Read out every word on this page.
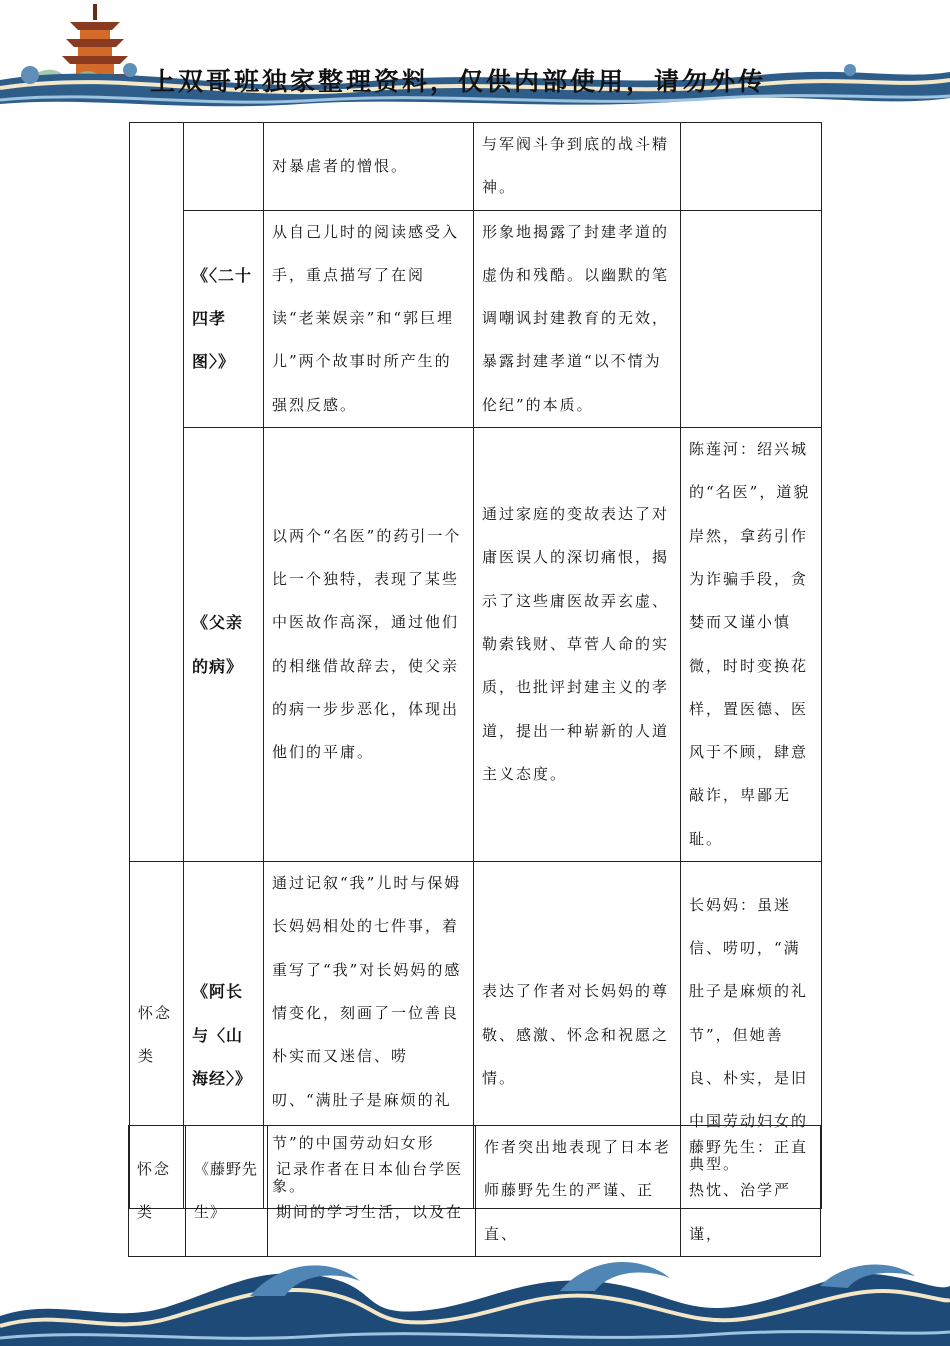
上双哥班独家整理资料，仅供内部使用，请勿外传
		对暴虐者的憎恨。	与军阀斗争到底的战斗精神。	
	《〈二十四孝图〉》	从自己儿时的阅读感受入手，重点描写了在阅读“老莱娱亲”和“郭巨埋儿”两个故事时所产生的强烈反感。	形象地揭露了封建孝道的虚伪和残酷。以幽默的笔调嘲讽封建教育的无效，暴露封建孝道“以不情为伦纪”的本质。	
	《父亲的病》	以两个“名医”的药引一个比一个独特，表现了某些中医故作高深，通过他们的相继借故辞去，使父亲的病一步步恶化，体现出他们的平庸。	通过家庭的变故表达了对庸医误人的深切痛恨，揭示了这些庸医故弄玄虚、勒索钱财、草菅人命的实质，也批评封建主义的孝道，提出一种崭新的人道主义态度。	陈莲河：绍兴城的“名医”，道貌岸然，拿药引作为诈骗手段，贪婪而又谨小慎微，时时变换花样，置医德、医风于不顾，肆意敲诈，卑鄙无耻。
怀念类	《阿长与〈山海经〉》	通过记叙“我”儿时与保姆长妈妈相处的七件事，着重写了“我”对长妈妈的感情变化，刻画了一位善良朴实而又迷信、唠叨、“满肚子是麻烦的礼节”的中国劳动妇女形象。	表达了作者对长妈妈的尊敬、感激、怀念和祝愿之情。	长妈妈：虽迷信、唠叨，“满肚子是麻烦的礼节”，但她善良、朴实，是旧中国劳动妇女的典型。
怀念类	《藤野先生》	记录作者在日本仙台学医期间的学习生活，以及在	作者突出地表现了日本老师藤野先生的严谨、正直、	藤野先生：正直热忱、治学严谨，
